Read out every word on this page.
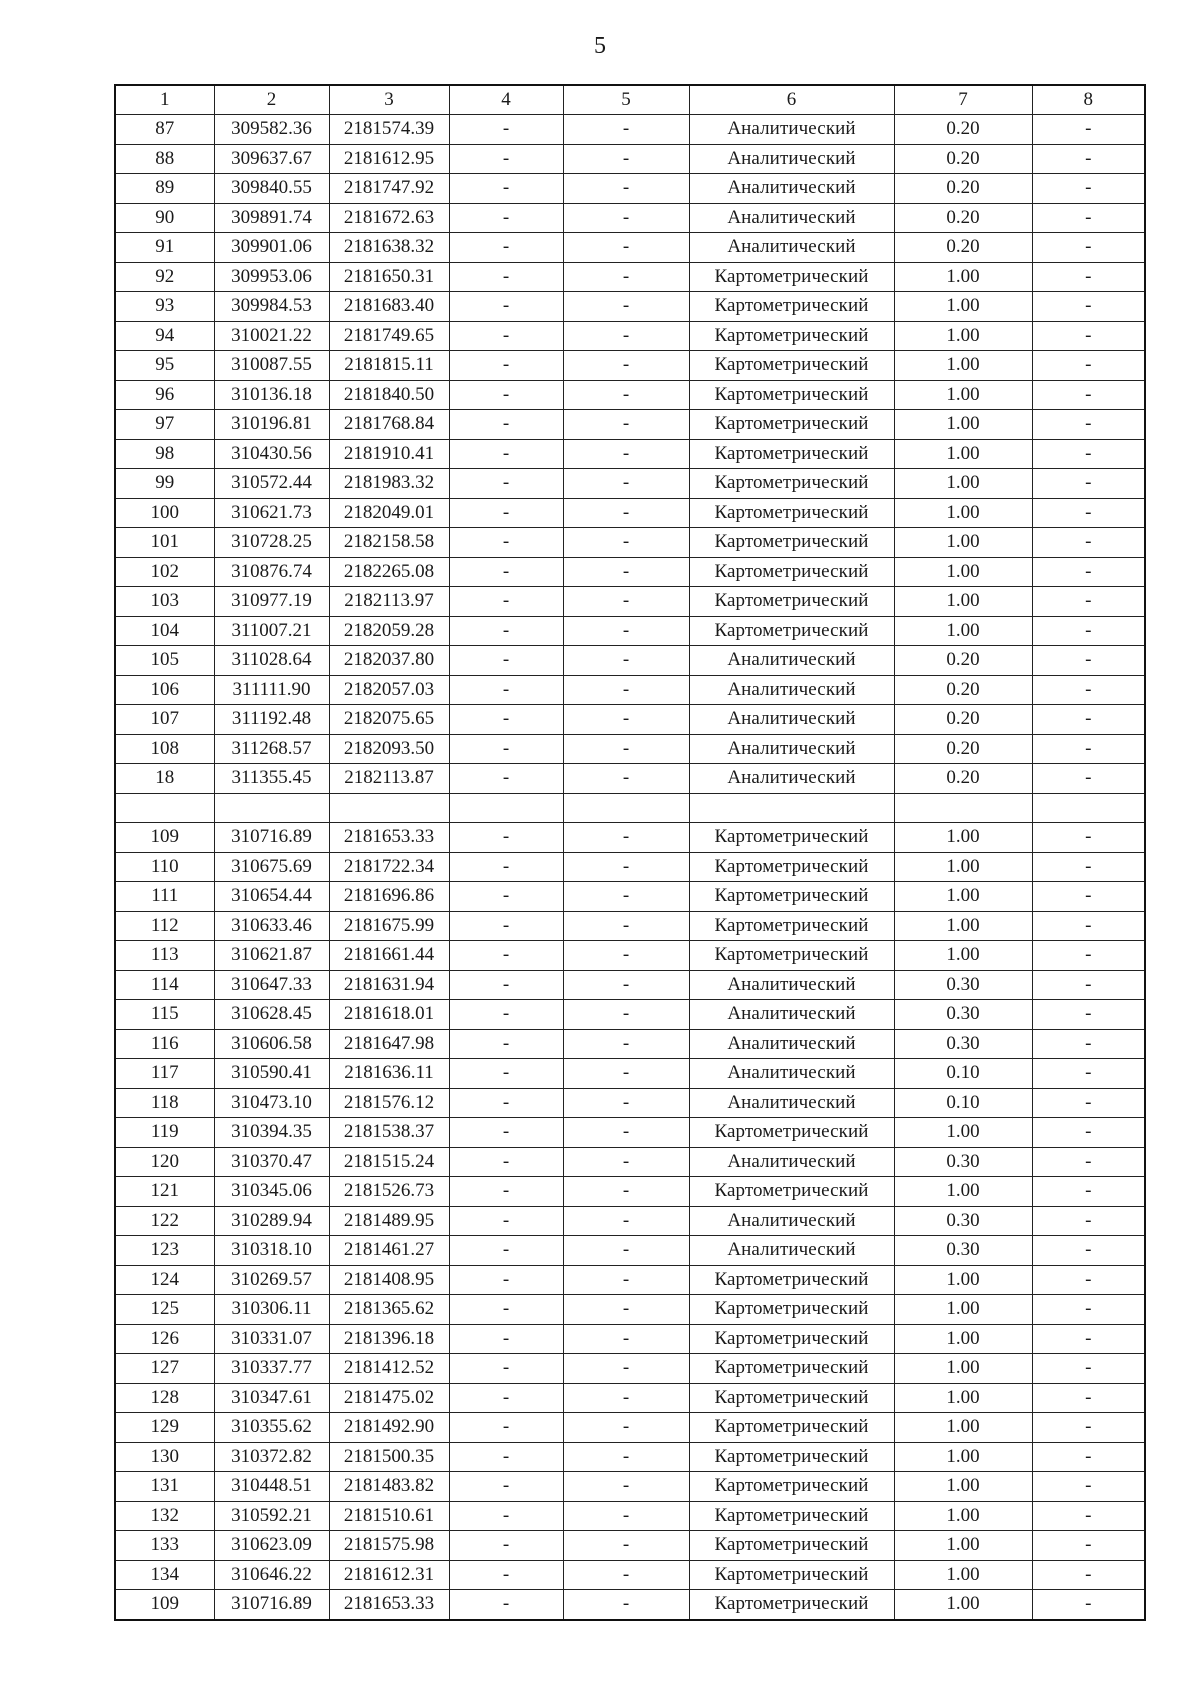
5
1	2	3	4	5	6	7	8
87	309582.36	2181574.39	-	-	Аналитический	0.20	-
88	309637.67	2181612.95	-	-	Аналитический	0.20	-
89	309840.55	2181747.92	-	-	Аналитический	0.20	-
90	309891.74	2181672.63	-	-	Аналитический	0.20	-
91	309901.06	2181638.32	-	-	Аналитический	0.20	-
92	309953.06	2181650.31	-	-	Картометрический	1.00	-
93	309984.53	2181683.40	-	-	Картометрический	1.00	-
94	310021.22	2181749.65	-	-	Картометрический	1.00	-
95	310087.55	2181815.11	-	-	Картометрический	1.00	-
96	310136.18	2181840.50	-	-	Картометрический	1.00	-
97	310196.81	2181768.84	-	-	Картометрический	1.00	-
98	310430.56	2181910.41	-	-	Картометрический	1.00	-
99	310572.44	2181983.32	-	-	Картометрический	1.00	-
100	310621.73	2182049.01	-	-	Картометрический	1.00	-
101	310728.25	2182158.58	-	-	Картометрический	1.00	-
102	310876.74	2182265.08	-	-	Картометрический	1.00	-
103	310977.19	2182113.97	-	-	Картометрический	1.00	-
104	311007.21	2182059.28	-	-	Картометрический	1.00	-
105	311028.64	2182037.80	-	-	Аналитический	0.20	-
106	311111.90	2182057.03	-	-	Аналитический	0.20	-
107	311192.48	2182075.65	-	-	Аналитический	0.20	-
108	311268.57	2182093.50	-	-	Аналитический	0.20	-
18	311355.45	2182113.87	-	-	Аналитический	0.20	-

109	310716.89	2181653.33	-	-	Картометрический	1.00	-
110	310675.69	2181722.34	-	-	Картометрический	1.00	-
111	310654.44	2181696.86	-	-	Картометрический	1.00	-
112	310633.46	2181675.99	-	-	Картометрический	1.00	-
113	310621.87	2181661.44	-	-	Картометрический	1.00	-
114	310647.33	2181631.94	-	-	Аналитический	0.30	-
115	310628.45	2181618.01	-	-	Аналитический	0.30	-
116	310606.58	2181647.98	-	-	Аналитический	0.30	-
117	310590.41	2181636.11	-	-	Аналитический	0.10	-
118	310473.10	2181576.12	-	-	Аналитический	0.10	-
119	310394.35	2181538.37	-	-	Картометрический	1.00	-
120	310370.47	2181515.24	-	-	Аналитический	0.30	-
121	310345.06	2181526.73	-	-	Картометрический	1.00	-
122	310289.94	2181489.95	-	-	Аналитический	0.30	-
123	310318.10	2181461.27	-	-	Аналитический	0.30	-
124	310269.57	2181408.95	-	-	Картометрический	1.00	-
125	310306.11	2181365.62	-	-	Картометрический	1.00	-
126	310331.07	2181396.18	-	-	Картометрический	1.00	-
127	310337.77	2181412.52	-	-	Картометрический	1.00	-
128	310347.61	2181475.02	-	-	Картометрический	1.00	-
129	310355.62	2181492.90	-	-	Картометрический	1.00	-
130	310372.82	2181500.35	-	-	Картометрический	1.00	-
131	310448.51	2181483.82	-	-	Картометрический	1.00	-
132	310592.21	2181510.61	-	-	Картометрический	1.00	-
133	310623.09	2181575.98	-	-	Картометрический	1.00	-
134	310646.22	2181612.31	-	-	Картометрический	1.00	-
109	310716.89	2181653.33	-	-	Картометрический	1.00	-
